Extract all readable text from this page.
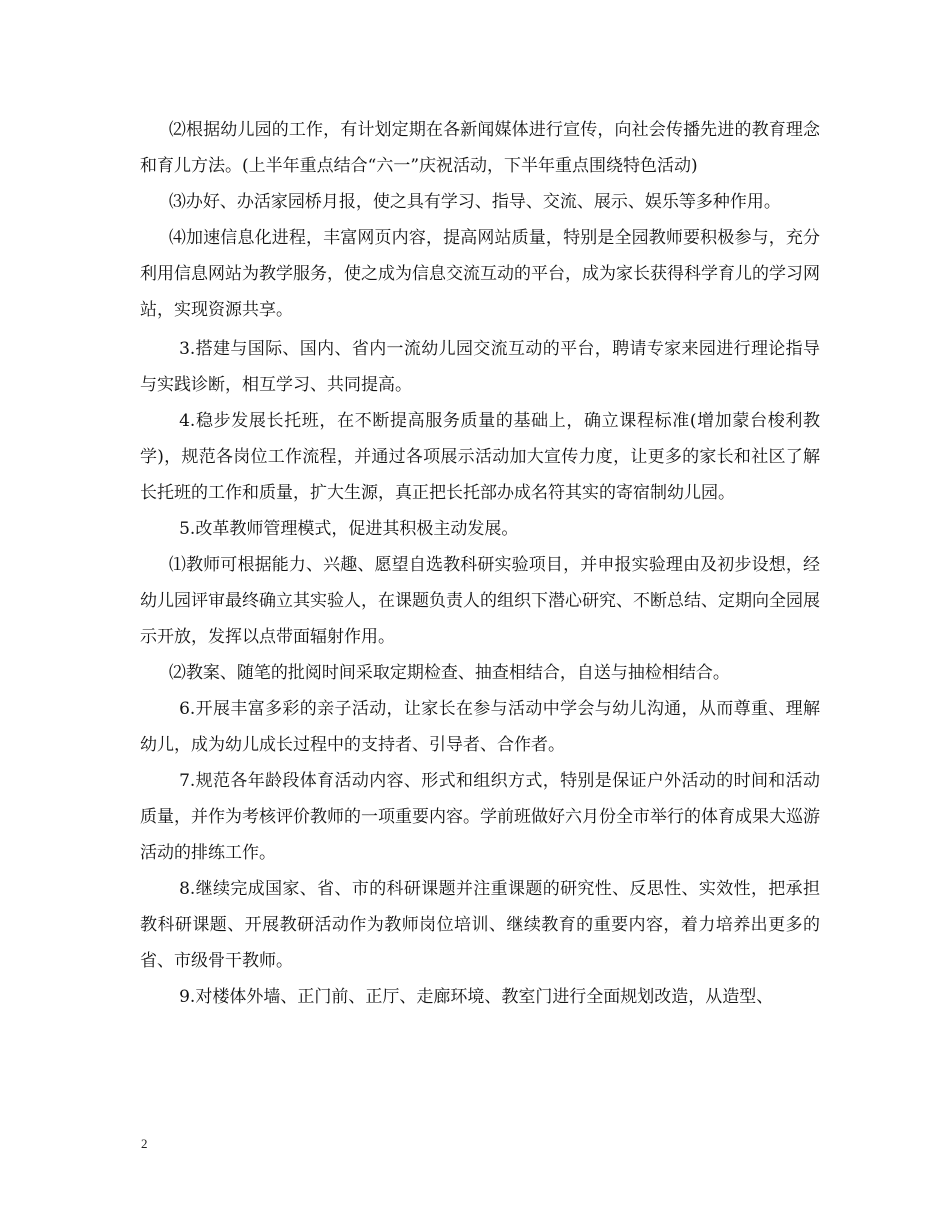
⑵根据幼儿园的工作，有计划定期在各新闻媒体进行宣传，向社会传播先进的教育理念和育儿方法。(上半年重点结合“六一”庆祝活动，下半年重点围绕特色活动)

⑶办好、办活家园桥月报，使之具有学习、指导、交流、展示、娱乐等多种作用。

⑷加速信息化进程，丰富网页内容，提高网站质量，特别是全园教师要积极参与，充分利用信息网站为教学服务，使之成为信息交流互动的平台，成为家长获得科学育儿的学习网站，实现资源共享。

3.搭建与国际、国内、省内一流幼儿园交流互动的平台，聘请专家来园进行理论指导与实践诊断，相互学习、共同提高。

4.稳步发展长托班，在不断提高服务质量的基础上，确立课程标准(增加蒙台梭利教学)，规范各岗位工作流程，并通过各项展示活动加大宣传力度，让更多的家长和社区了解长托班的工作和质量，扩大生源，真正把长托部办成名符其实的寄宿制幼儿园。

5.改革教师管理模式，促进其积极主动发展。

⑴教师可根据能力、兴趣、愿望自选教科研实验项目，并申报实验理由及初步设想，经幼儿园评审最终确立其实验人，在课题负责人的组织下潜心研究、不断总结、定期向全园展示开放，发挥以点带面辐射作用。

⑵教案、随笔的批阅时间采取定期检查、抽查相结合，自送与抽检相结合。

6.开展丰富多彩的亲子活动，让家长在参与活动中学会与幼儿沟通，从而尊重、理解幼儿，成为幼儿成长过程中的支持者、引导者、合作者。

7.规范各年龄段体育活动内容、形式和组织方式，特别是保证户外活动的时间和活动质量，并作为考核评价教师的一项重要内容。学前班做好六月份全市举行的体育成果大巡游活动的排练工作。

8.继续完成国家、省、市的科研课题并注重课题的研究性、反思性、实效性，把承担教科研课题、开展教研活动作为教师岗位培训、继续教育的重要内容，着力培养出更多的省、市级骨干教师。

9.对楼体外墙、正门前、正厅、走廊环境、教室门进行全面规划改造，从造型、

2
